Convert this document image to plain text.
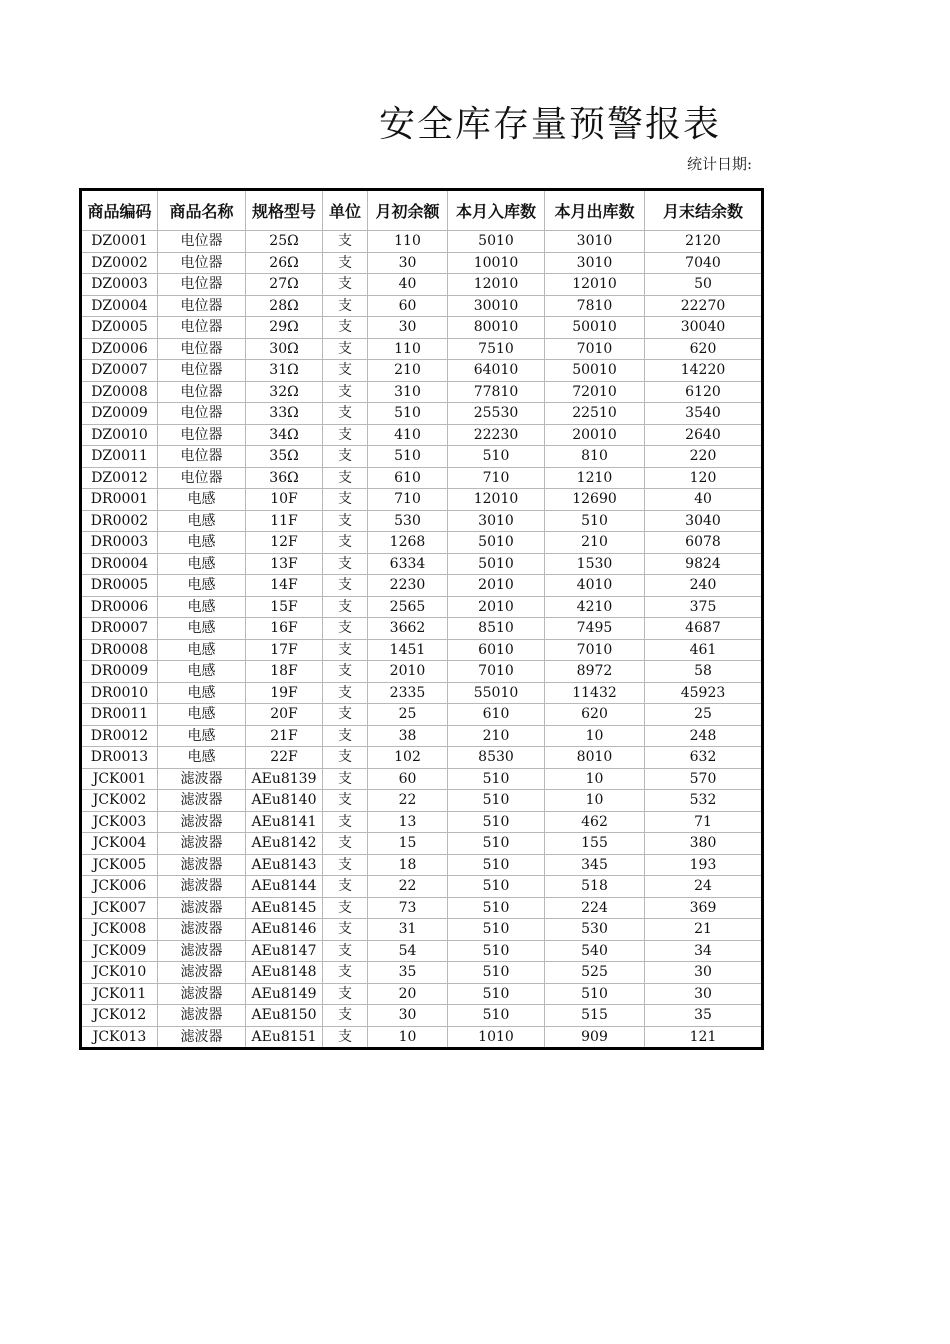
安全库存量预警报表
统计日期:
商品编码	商品名称	规格型号	单位	月初余额	本月入库数	本月出库数	月末结余数
DZ0001	电位器	25Ω	支	110	5010	3010	2120
DZ0002	电位器	26Ω	支	30	10010	3010	7040
DZ0003	电位器	27Ω	支	40	12010	12010	50
DZ0004	电位器	28Ω	支	60	30010	7810	22270
DZ0005	电位器	29Ω	支	30	80010	50010	30040
DZ0006	电位器	30Ω	支	110	7510	7010	620
DZ0007	电位器	31Ω	支	210	64010	50010	14220
DZ0008	电位器	32Ω	支	310	77810	72010	6120
DZ0009	电位器	33Ω	支	510	25530	22510	3540
DZ0010	电位器	34Ω	支	410	22230	20010	2640
DZ0011	电位器	35Ω	支	510	510	810	220
DZ0012	电位器	36Ω	支	610	710	1210	120
DR0001	电感	10F	支	710	12010	12690	40
DR0002	电感	11F	支	530	3010	510	3040
DR0003	电感	12F	支	1268	5010	210	6078
DR0004	电感	13F	支	6334	5010	1530	9824
DR0005	电感	14F	支	2230	2010	4010	240
DR0006	电感	15F	支	2565	2010	4210	375
DR0007	电感	16F	支	3662	8510	7495	4687
DR0008	电感	17F	支	1451	6010	7010	461
DR0009	电感	18F	支	2010	7010	8972	58
DR0010	电感	19F	支	2335	55010	11432	45923
DR0011	电感	20F	支	25	610	620	25
DR0012	电感	21F	支	38	210	10	248
DR0013	电感	22F	支	102	8530	8010	632
JCK001	滤波器	AEu8139	支	60	510	10	570
JCK002	滤波器	AEu8140	支	22	510	10	532
JCK003	滤波器	AEu8141	支	13	510	462	71
JCK004	滤波器	AEu8142	支	15	510	155	380
JCK005	滤波器	AEu8143	支	18	510	345	193
JCK006	滤波器	AEu8144	支	22	510	518	24
JCK007	滤波器	AEu8145	支	73	510	224	369
JCK008	滤波器	AEu8146	支	31	510	530	21
JCK009	滤波器	AEu8147	支	54	510	540	34
JCK010	滤波器	AEu8148	支	35	510	525	30
JCK011	滤波器	AEu8149	支	20	510	510	30
JCK012	滤波器	AEu8150	支	30	510	515	35
JCK013	滤波器	AEu8151	支	10	1010	909	121
